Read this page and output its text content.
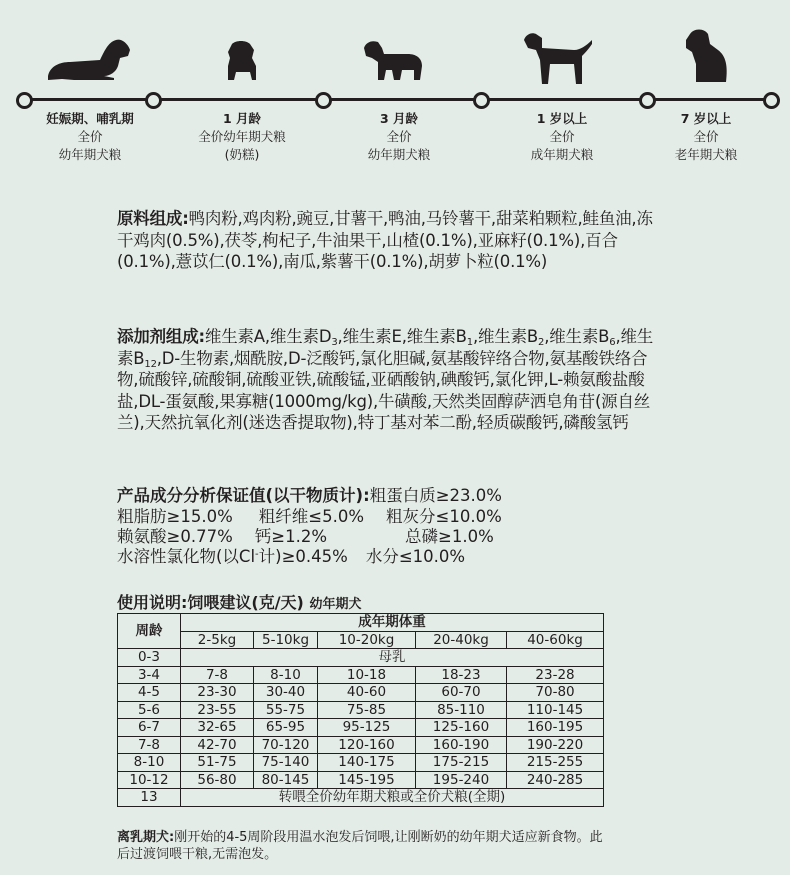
妊娠期、哺乳期
全价
幼年期犬粮
1 月龄
全价幼年期犬粮
(奶糕)
3 月龄
全价
幼年期犬粮
1 岁以上
全价
成年期犬粮
7 岁以上
全价
老年期犬粮
原料组成:鸭肉粉,鸡肉粉,豌豆,甘薯干,鸭油,马铃薯干,甜菜粕颗粒,鲑鱼油,冻干鸡肉(0.5%),茯苓,枸杞子,牛油果干,山楂(0.1%),亚麻籽(0.1%),百合(0.1%),薏苡仁(0.1%),南瓜,紫薯干(0.1%),胡萝卜粒(0.1%)
添加剂组成:维生素A,维生素$D_3$,维生素E,维生素$B_1$,维生素$B_2$,维生素$B_6$,维生素$B_{12},D-$生物素,烟酰胺,D-泛酸钙,氯化胆碱,氨基酸锌络合物,氨基酸铁络合物,硫酸锌,硫酸铜,硫酸亚铁,硫酸锰,亚硒酸钠,碘酸钙,氯化钾,L-赖氨酸盐酸盐,DL-蛋氨酸,果寡糖(1000mg/kg),牛磺酸,天然类固醇萨洒皂角苷(源自丝兰),天然抗氧化剂(迷迭香提取物),特丁基对苯二酚,轻质碳酸钙,磷酸氢钙
产品成分分析保证值(以干物质计):粗蛋白质≥23.0%
粗脂肪≥15.0% 粗纤维≤5.0% 粗灰分≤10.0%
赖氨酸≥0.77% 钙≥1.2%	总磷≥1.0%
水溶性氯化物(以Cl-计)≥0.45% 水分≤10.0%
使用说明:饲喂建议(克/天) 幼年期犬
周龄	成年期体重				
	2-5kg	5-10kg	10-20kg	20-40kg	40-60kg
0-3	母乳				
3-4	7-8	8-10	10-18	18-23	23-28
4-5	23-30	30-40	40-60	60-70	70-80
5-6	23-55	55-75	75-85	85-110	110-145
6-7	32-65	65-95	95-125	125-160	160-195
7-8	42-70	70-120	120-160	160-190	190-220
8-10	51-75	75-140	140-175	175-215	215-255
10-12	56-80	80-145	145-195	195-240	240-285
13	转喂全价幼年期犬粮或全价犬粮(全期)				
离乳期犬:刚开始的4-5周阶段用温水泡发后饲喂,让刚断奶的幼年期犬适应新食物。此后过渡饲喂干粮,无需泡发。
